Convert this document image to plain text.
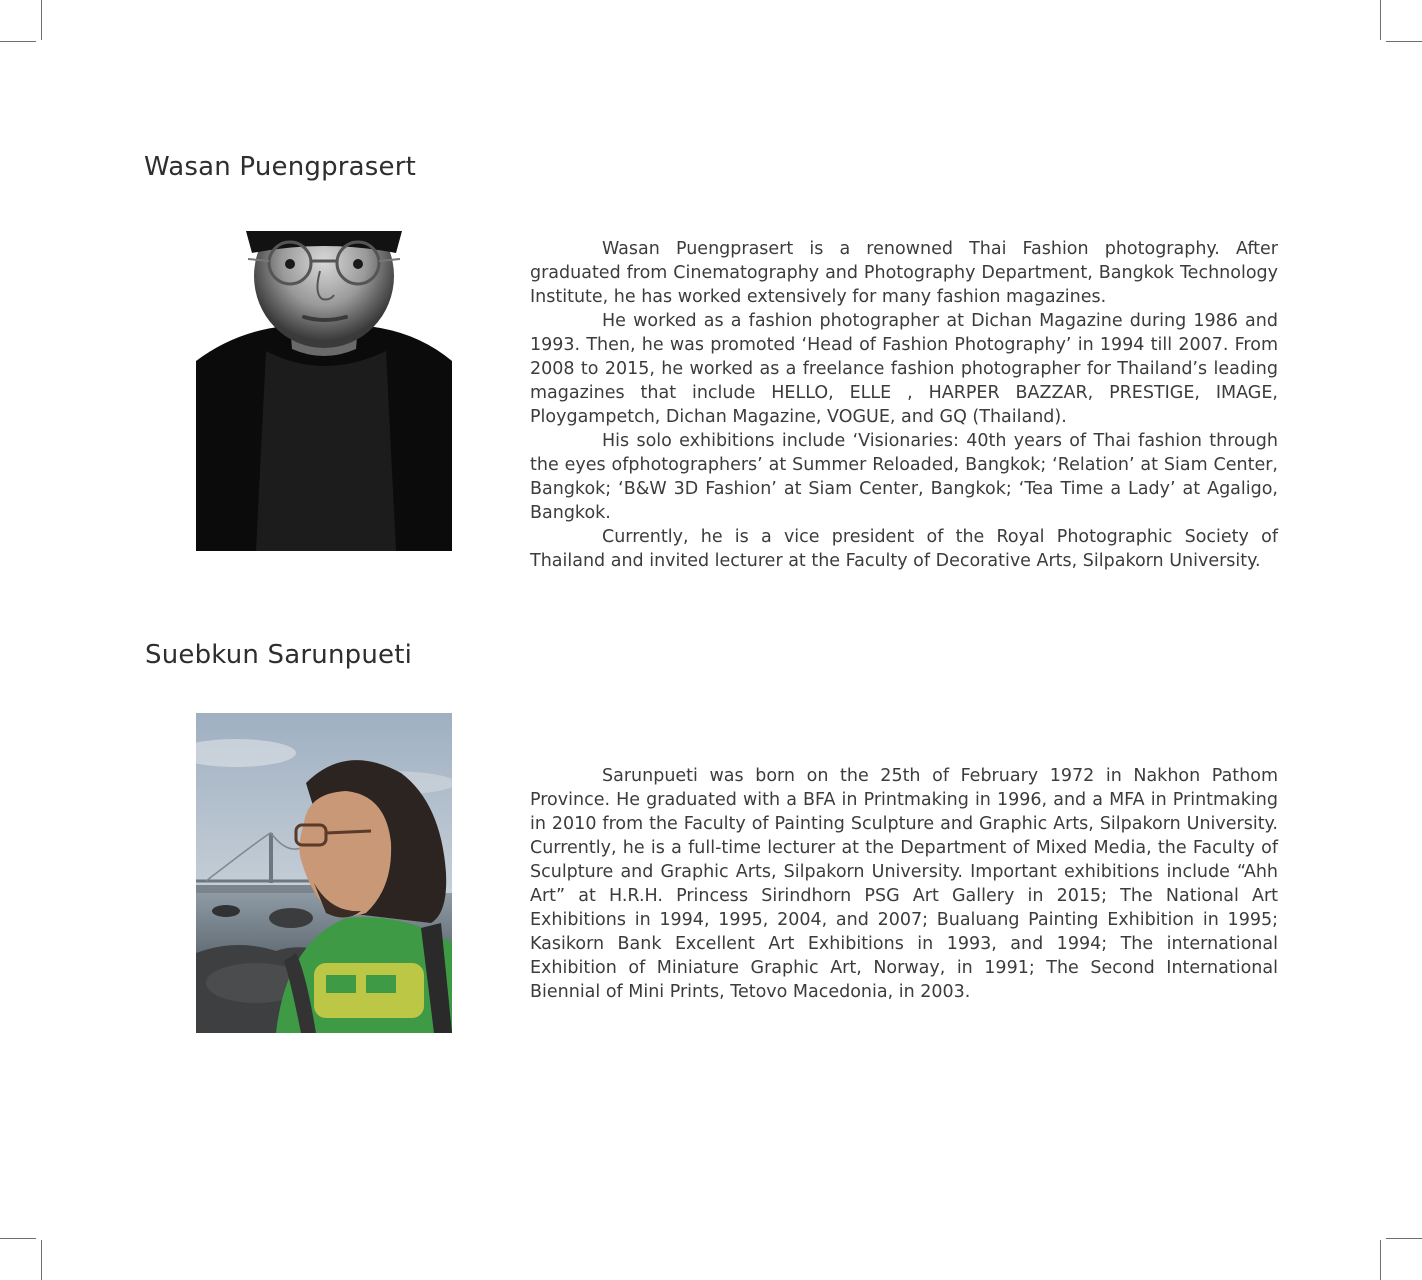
Wasan Puengprasert

Wasan Puengprasert is a renowned Thai Fashion photography. After graduated from Cinematography and Photography Department, Bangkok Technology Institute, he has worked extensively for many fashion magazines.

He worked as a fashion photographer at Dichan Magazine during 1986 and 1993. Then, he was promoted ‘Head of Fashion Photography’ in 1994 till 2007. From 2008 to 2015, he worked as a freelance fashion photographer for Thailand’s leading magazines that include HELLO, ELLE , HARPER BAZZAR, PRESTIGE, IMAGE, Ploygampetch, Dichan Magazine, VOGUE, and GQ (Thailand).

His solo exhibitions include ‘Visionaries: 40th years of Thai fashion through the eyes ofphotographers’ at Summer Reloaded, Bangkok; ‘Relation’ at Siam Center, Bangkok; ‘B&W 3D Fashion’ at Siam Center, Bangkok; ‘Tea Time a Lady’ at Agaligo, Bangkok.

Currently, he is a vice president of the Royal Photographic Society of Thailand and invited lecturer at the Faculty of Decorative Arts, Silpakorn University.

Suebkun Sarunpueti

Sarunpueti was born on the 25th of February 1972 in Nakhon Pathom Province. He graduated with a BFA in Printmaking in 1996, and a MFA in Printmaking in 2010 from the Faculty of Painting Sculpture and Graphic Arts, Silpakorn University. Currently, he is a full-time lecturer at the Department of Mixed Media, the Faculty of Sculpture and Graphic Arts, Silpakorn University. Important exhibitions include “Ahh Art” at H.R.H. Princess Sirindhorn PSG Art Gallery in 2015; The National Art Exhibitions in 1994, 1995, 2004, and 2007; Bualuang Painting Exhibition in 1995; Kasikorn Bank Excellent Art Exhibitions in 1993, and 1994; The international Exhibition of Miniature Graphic Art, Norway, in 1991; The Second International Biennial of Mini Prints, Tetovo Macedonia, in 2003.
